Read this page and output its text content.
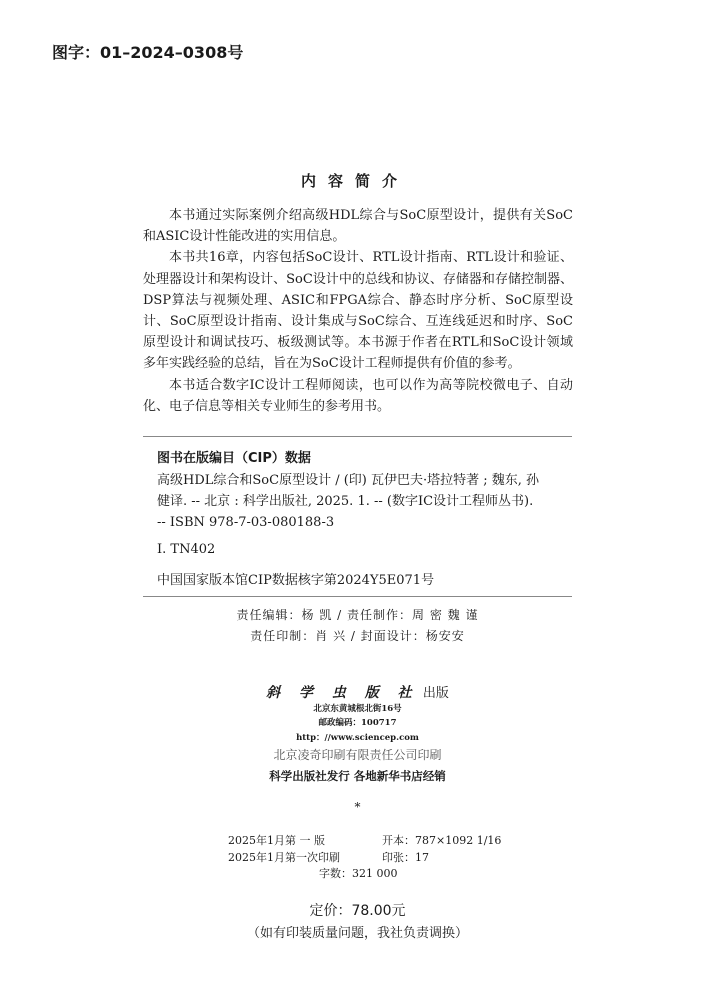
图字：01–2024–0308号
内容简介

本书通过实际案例介绍高级HDL综合与SoC原型设计，提供有关SoC和ASIC设计性能改进的实用信息。

本书共16章，内容包括SoC设计、RTL设计指南、RTL设计和验证、处理器设计和架构设计、SoC设计中的总线和协议、存储器和存储控制器、DSP算法与视频处理、ASIC和FPGA综合、静态时序分析、SoC原型设计、SoC原型设计指南、设计集成与SoC综合、互连线延迟和时序、SoC原型设计和调试技巧、板级测试等。本书源于作者在RTL和SoC设计领域多年实践经验的总结，旨在为SoC设计工程师提供有价值的参考。

本书适合数字IC设计工程师阅读，也可以作为高等院校微电子、自动化、电子信息等相关专业师生的参考用书。

图书在版编目（CIP）数据
高级HDL综合和SoC原型设计 / (印) 瓦伊巴夫·塔拉特著 ; 魏东, 孙
健译. -- 北京 : 科学出版社, 2025. 1. -- (数字IC设计工程师丛书).
-- ISBN 978-7-03-080188-3
Ⅰ. TN402
中国国家版本馆CIP数据核字第2024Y5E071号
责任编辑：杨 凯 / 责任制作：周 密 魏 谨
责任印制：肖 兴 / 封面设计：杨安安
斜 学 虫 版 社 出版
北京东黄城根北街16号
邮政编码：100717
http：//www.sciencep.com
北京凌奇印刷有限责任公司印刷
科学出版社发行 各地新华书店经销
*
2025年1月第 一 版	开本：787×1092 1/16
2025年1月第一次印刷	印张：17
字数：321 000
定价：78.00元
（如有印装质量问题，我社负责调换）
